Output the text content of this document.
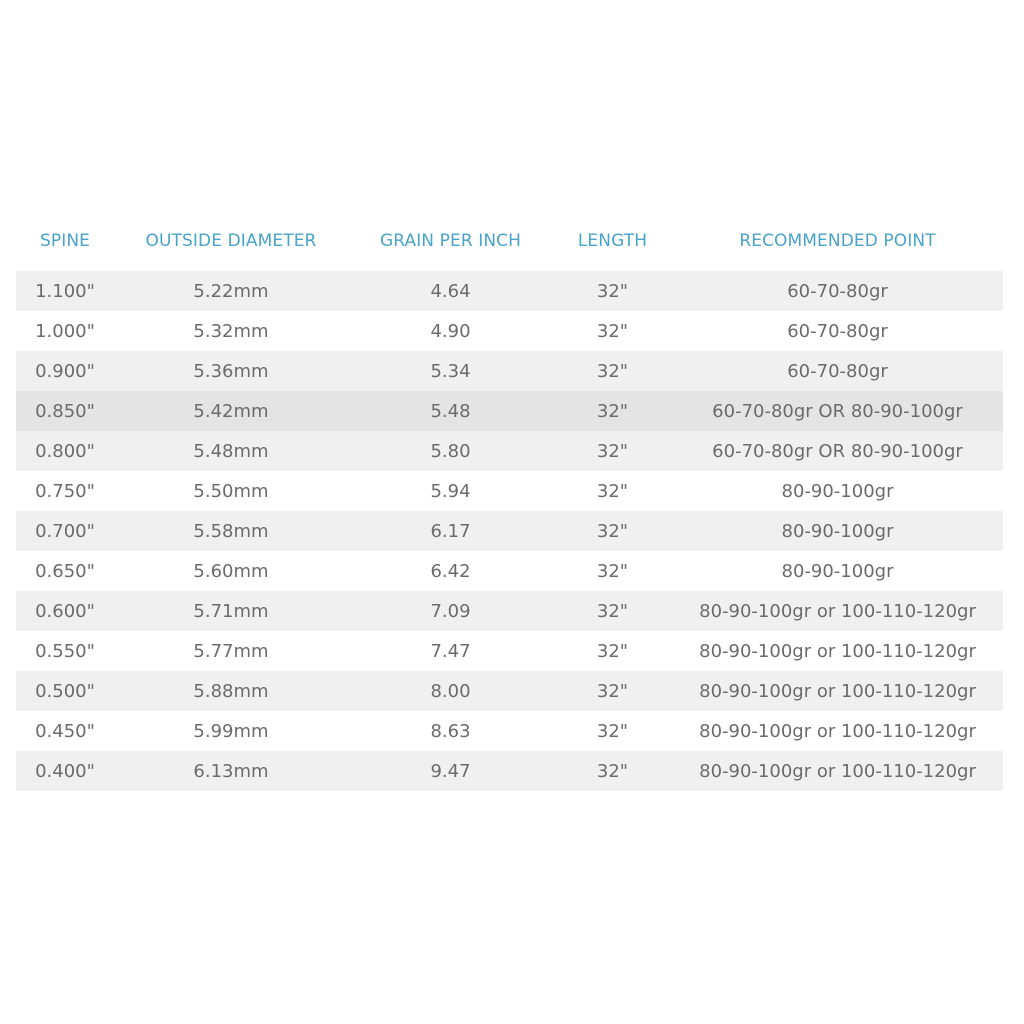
SPINE	OUTSIDE DIAMETER	GRAIN PER INCH	LENGTH	RECOMMENDED POINT
1.100"	5.22mm	4.64	32"	60-70-80gr
1.000"	5.32mm	4.90	32"	60-70-80gr
0.900"	5.36mm	5.34	32"	60-70-80gr
0.850"	5.42mm	5.48	32"	60-70-80gr OR 80-90-100gr
0.800"	5.48mm	5.80	32"	60-70-80gr OR 80-90-100gr
0.750"	5.50mm	5.94	32"	80-90-100gr
0.700"	5.58mm	6.17	32"	80-90-100gr
0.650"	5.60mm	6.42	32"	80-90-100gr
0.600"	5.71mm	7.09	32"	80-90-100gr or 100-110-120gr
0.550"	5.77mm	7.47	32"	80-90-100gr or 100-110-120gr
0.500"	5.88mm	8.00	32"	80-90-100gr or 100-110-120gr
0.450"	5.99mm	8.63	32"	80-90-100gr or 100-110-120gr
0.400"	6.13mm	9.47	32"	80-90-100gr or 100-110-120gr
